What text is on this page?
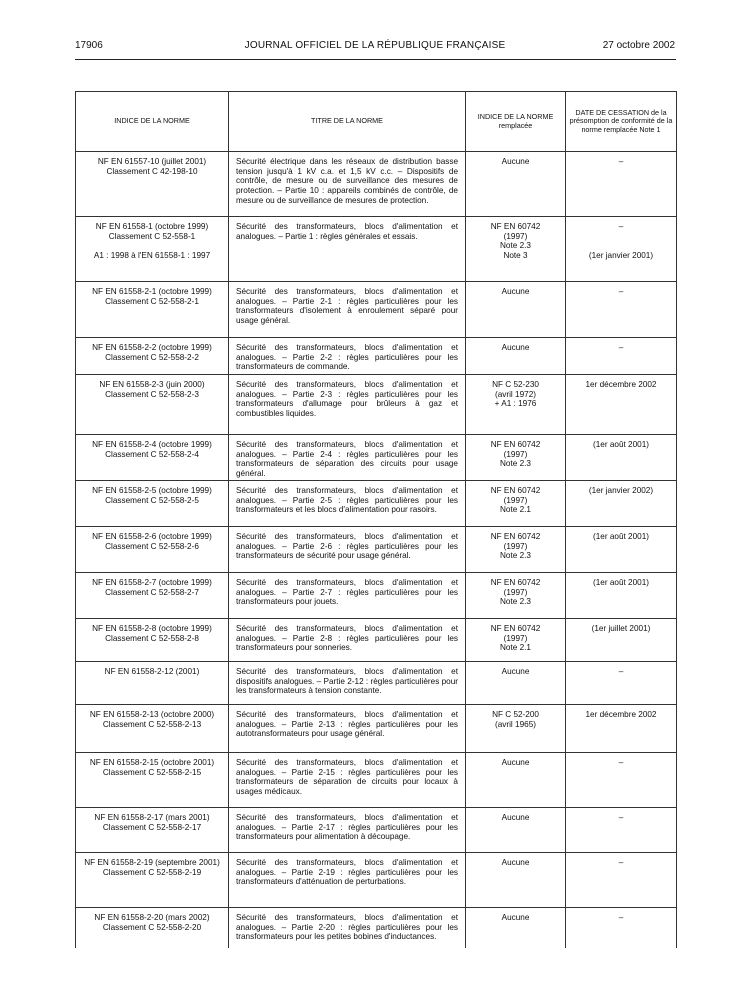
17906	JOURNAL OFFICIEL DE LA RÉPUBLIQUE FRANÇAISE	27 octobre 2002
INDICE DE LA NORME	TITRE DE LA NORME	INDICE DE LA NORME remplacée	DATE DE CESSATION de la présomption de conformité de la norme remplacée Note 1

NF EN 61557-10 (juillet 2001)
Classement C 42-198-10	Sécurité électrique dans les réseaux de distribution basse tension jusqu'à 1 kV c.a. et 1,5 kV c.c. – Dispositifs de contrôle, de mesure ou de surveillance des mesures de protection. – Partie 10 : appareils combinés de contrôle, de mesure ou de surveillance de mesures de protection.	Aucune	–

NF EN 61558-1 (octobre 1999)
Classement C 52-558-1
A1 : 1998 à l'EN 61558-1 : 1997	Sécurité des transformateurs, blocs d'alimentation et analogues. – Partie 1 : règles générales et essais.	NF EN 60742
(1997)
Note 2.3
Note 3	–
(1er janvier 2001)

NF EN 61558-2-1 (octobre 1999)
Classement C 52-558-2-1	Sécurité des transformateurs, blocs d'alimentation et analogues. – Partie 2-1 : règles particulières pour les transformateurs d'isolement à enroulement séparé pour usage général.	Aucune	–

NF EN 61558-2-2 (octobre 1999)
Classement C 52-558-2-2	Sécurité des transformateurs, blocs d'alimentation et analogues. – Partie 2-2 : règles particulières pour les transformateurs de commande.	Aucune	–

NF EN 61558-2-3 (juin 2000)
Classement C 52-558-2-3	Sécurité des transformateurs, blocs d'alimentation et analogues. – Partie 2-3 : règles particulières pour les transformateurs d'allumage pour brûleurs à gaz et combustibles liquides.	NF C 52-230
(avril 1972)
+ A1 : 1976	1er décembre 2002

NF EN 61558-2-4 (octobre 1999)
Classement C 52-558-2-4	Sécurité des transformateurs, blocs d'alimentation et analogues. – Partie 2-4 : règles particulières pour les transformateurs de séparation des circuits pour usage général.	NF EN 60742
(1997)
Note 2.3	(1er août 2001)

NF EN 61558-2-5 (octobre 1999)
Classement C 52-558-2-5	Sécurité des transformateurs, blocs d'alimentation et analogues. – Partie 2-5 : règles particulières pour les transformateurs et les blocs d'alimentation pour rasoirs.	NF EN 60742
(1997)
Note 2.1	(1er janvier 2002)

NF EN 61558-2-6 (octobre 1999)
Classement C 52-558-2-6	Sécurité des transformateurs, blocs d'alimentation et analogues. – Partie 2-6 : règles particulières pour les transformateurs de sécurité pour usage général.	NF EN 60742
(1997)
Note 2.3	(1er août 2001)

NF EN 61558-2-7 (octobre 1999)
Classement C 52-558-2-7	Sécurité des transformateurs, blocs d'alimentation et analogues. – Partie 2-7 : règles particulières pour les transformateurs pour jouets.	NF EN 60742
(1997)
Note 2.3	(1er août 2001)

NF EN 61558-2-8 (octobre 1999)
Classement C 52-558-2-8	Sécurité des transformateurs, blocs d'alimentation et analogues. – Partie 2-8 : règles particulières pour les transformateurs pour sonneries.	NF EN 60742
(1997)
Note 2.1	(1er juillet 2001)

NF EN 61558-2-12 (2001)	Sécurité des transformateurs, blocs d'alimentation et dispositifs analogues. – Partie 2-12 : règles particulières pour les transformateurs à tension constante.	Aucune	–

NF EN 61558-2-13 (octobre 2000)
Classement C 52-558-2-13	Sécurité des transformateurs, blocs d'alimentation et analogues. – Partie 2-13 : règles particulières pour les autotransformateurs pour usage général.	NF C 52-200
(avril 1965)	1er décembre 2002

NF EN 61558-2-15 (octobre 2001)
Classement C 52-558-2-15	Sécurité des transformateurs, blocs d'alimentation et analogues. – Partie 2-15 : règles particulières pour les transformateurs de séparation de circuits pour locaux à usages médicaux.	Aucune	–

NF EN 61558-2-17 (mars 2001)
Classement C 52-558-2-17	Sécurité des transformateurs, blocs d'alimentation et analogues. – Partie 2-17 : règles particulières pour les transformateurs pour alimentation à découpage.	Aucune	–

NF EN 61558-2-19 (septembre 2001)
Classement C 52-558-2-19	Sécurité des transformateurs, blocs d'alimentation et analogues. – Partie 2-19 : règles particulières pour les transformateurs d'atténuation de perturbations.	Aucune	–

NF EN 61558-2-20 (mars 2002)
Classement C 52-558-2-20	Sécurité des transformateurs, blocs d'alimentation et analogues. – Partie 2-20 : règles particulières pour les transformateurs pour les petites bobines d'inductances.	Aucune	–
